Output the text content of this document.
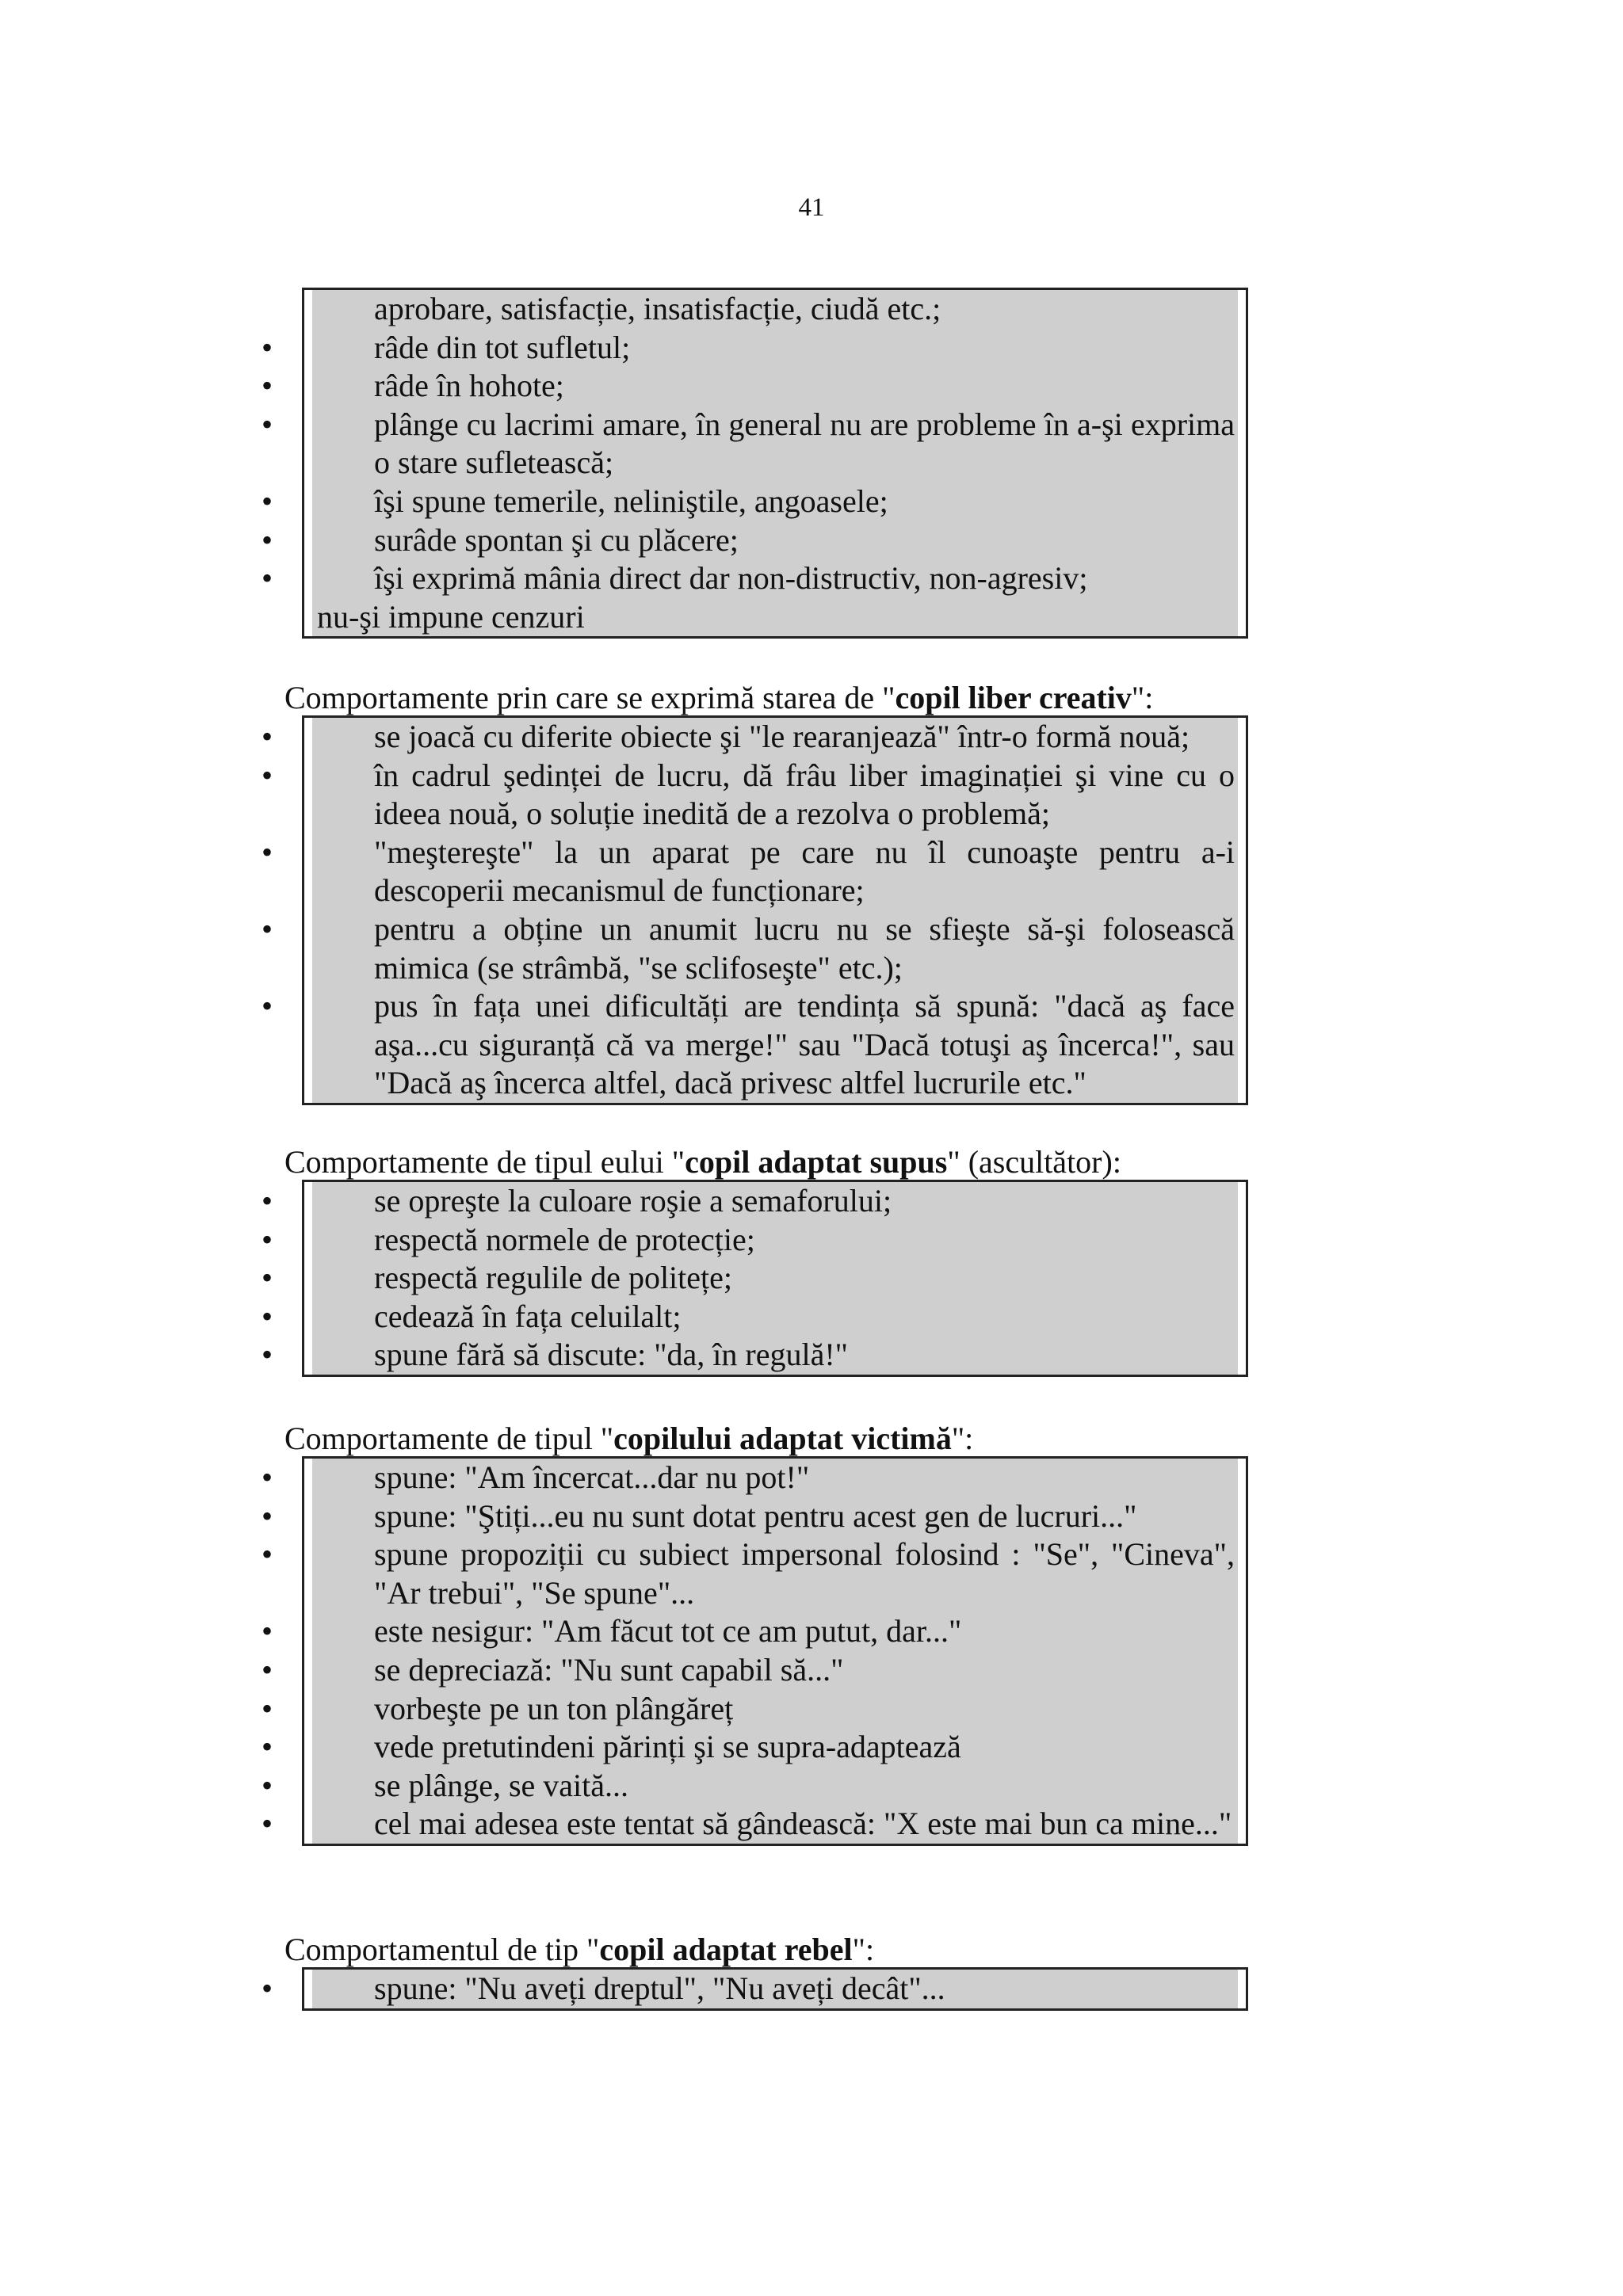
41
aprobare, satisfacție, insatisfacție, ciudă etc.;
• râde din tot sufletul;
• râde în hohote;
• plânge cu lacrimi amare, în general nu are probleme în a-şi exprima o stare sufletească;
• îşi spune temerile, neliniştile, angoasele;
• surâde spontan şi cu plăcere;
• îşi exprimă mânia direct dar non-distructiv, non-agresiv;
nu-şi impune cenzuri
Comportamente prin care se exprimă starea de "copil liber creativ":
• se joacă cu diferite obiecte şi "le rearanjează" într-o formă nouă;
• în cadrul şedinței de lucru, dă frâu liber imaginației şi vine cu o ideea nouă, o soluție inedită de a rezolva o problemă;
• "meştereşte" la un aparat pe care nu îl cunoaşte pentru a-i descoperii mecanismul de funcționare;
• pentru a obține un anumit lucru nu se sfieşte să-şi folosească mimica (se strâmbă, "se sclifoseşte" etc.);
• pus în fața unei dificultăți are tendința să spună: "dacă aş face aşa...cu siguranță că va merge!" sau "Dacă totuşi aş încerca!", sau "Dacă aş încerca altfel, dacă privesc altfel lucrurile etc."
Comportamente de tipul eului "copil adaptat supus" (ascultător):
• se opreşte la culoare roşie a semaforului;
• respectă normele de protecție;
• respectă regulile de politețe;
• cedează în fața celuilalt;
• spune fără să discute: "da, în regulă!"
Comportamente de tipul "copilului adaptat victimă":
• spune: "Am încercat...dar nu pot!"
• spune: "Ştiți...eu nu sunt dotat pentru acest gen de lucruri..."
• spune propoziții cu subiect impersonal folosind : "Se", "Cineva", "Ar trebui", "Se spune"...
• este nesigur: "Am făcut tot ce am putut, dar..."
• se depreciază: "Nu sunt capabil să..."
• vorbeşte pe un ton plângăreț
• vede pretutindeni părinți şi se supra-adaptează
• se plânge, se vaită...
• cel mai adesea este tentat să gândească: "X este mai bun ca mine..."
Comportamentul de tip "copil adaptat rebel":
• spune: "Nu aveți dreptul", "Nu aveți decât"...
